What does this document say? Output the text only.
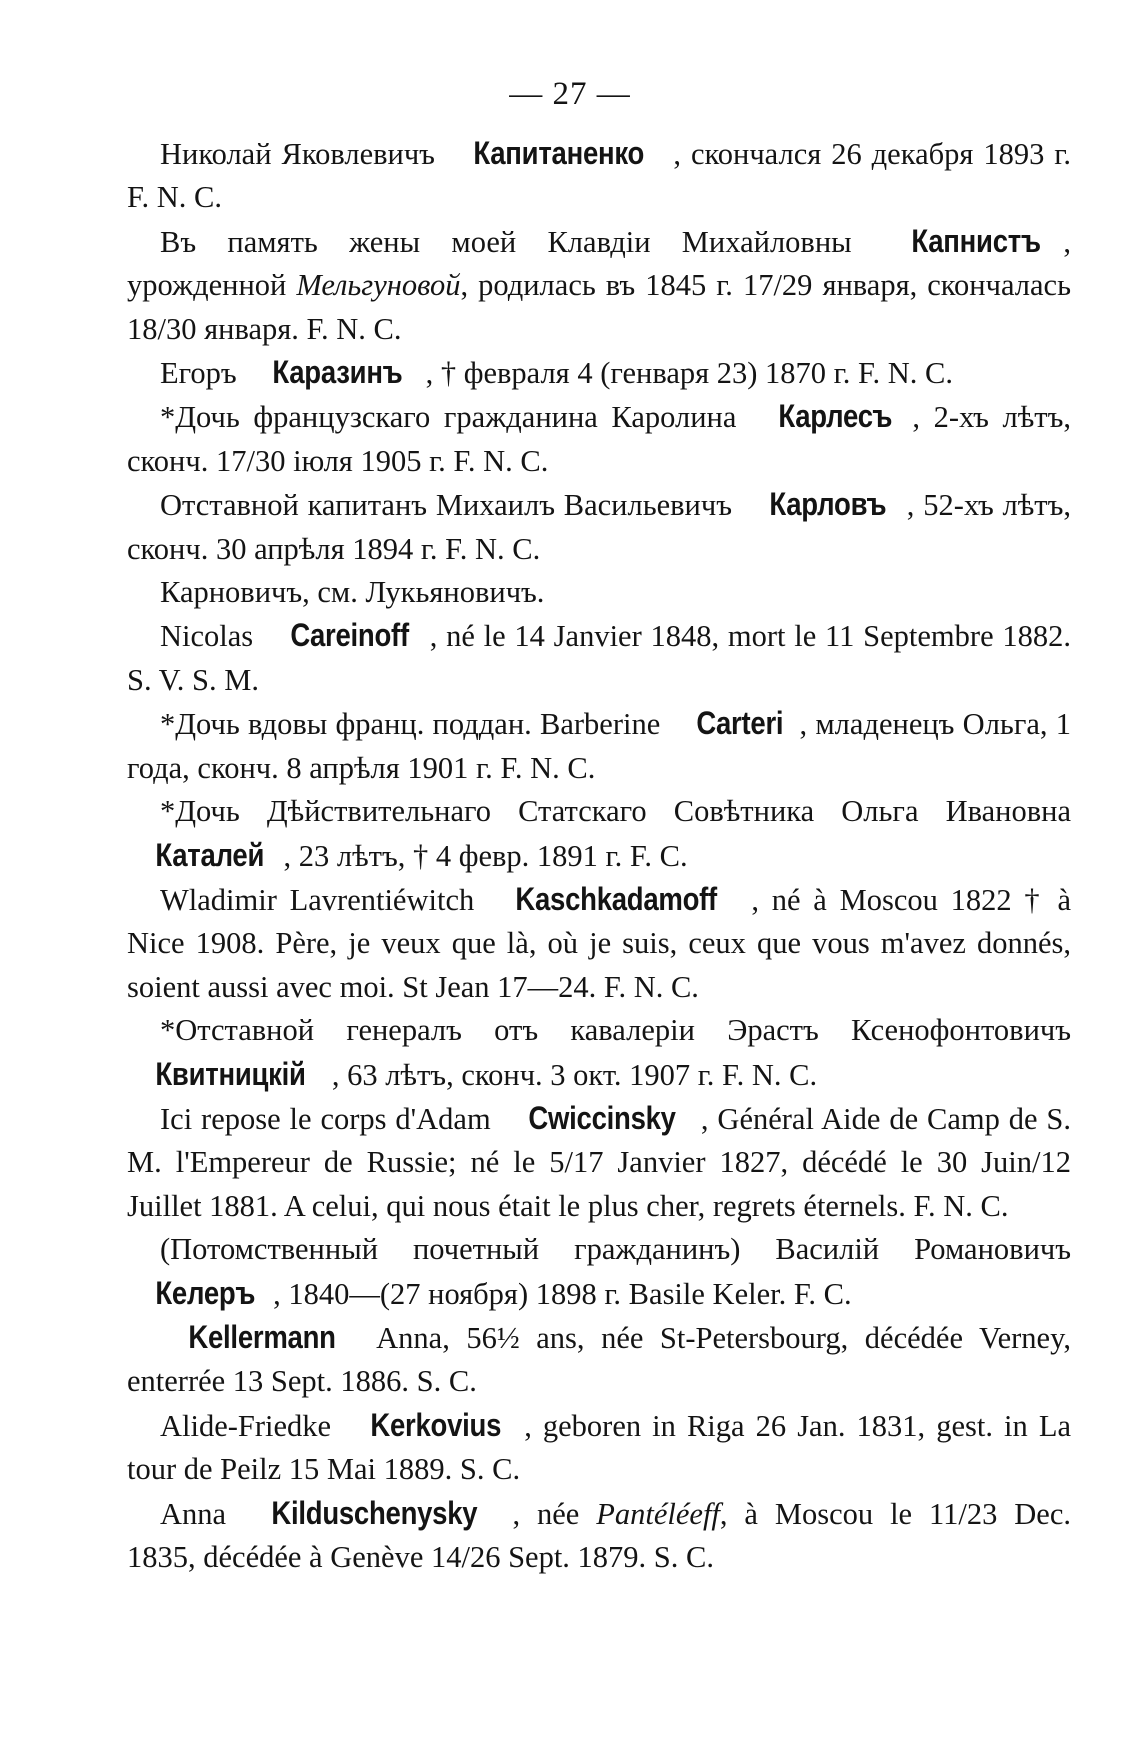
— 27 —

Николай Яковлевичъ Капитаненко , скончался 26 декабря 1893 г. F. N. C.

Въ память жены моей Клавдіи Михайловны Капнистъ , урожденной Мельгуновой, родилась въ 1845 г. 17/29 января, скончалась 18/30 января. F. N. C.

Егоръ Каразинъ , † февраля 4 (генваря 23) 1870 г. F. N. C.

*Дочь французскаго гражданина Каролина Карлесъ , 2-хъ лѣтъ, сконч. 17/30 іюля 1905 г. F. N. C.

Отставной капитанъ Михаилъ Васильевичъ Карловъ , 52-хъ лѣтъ, сконч. 30 апрѣля 1894 г. F. N. C.

Карновичъ, см. Лукьяновичъ.

Nicolas Careinoff , né le 14 Janvier 1848, mort le 11 Septembre 1882. S. V. S. M.

*Дочь вдовы франц. поддан. Barberine Carteri , младенецъ Ольга, 1 года, сконч. 8 апрѣля 1901 г. F. N. C.

*Дочь Дѣйствительнаго Статскаго Совѣтника Ольга Ивановна Каталей , 23 лѣтъ, † 4 февр. 1891 г. F. C.

Wladimir Lavrentiéwitch Kaschkadamoff , né à Moscou 1822 † à Nice 1908. Père, je veux que là, où je suis, ceux que vous m'avez donnés, soient aussi avec moi. St Jean 17—24. F. N. C.

*Отставной генералъ отъ кавалеріи Эрастъ Ксенофонтовичъ Квитницкій , 63 лѣтъ, сконч. 3 окт. 1907 г. F. N. C.

Ici repose le corps d'Adam Cwiccinsky , Général Aide de Camp de S. M. l'Empereur de Russie; né le 5/17 Janvier 1827, décédé le 30 Juin/12 Juillet 1881. A celui, qui nous était le plus cher, regrets éternels. F. N. C.

(Потомственный почетный гражданинъ) Василій Романовичъ Келеръ , 1840—(27 ноября) 1898 г. Basile Keler. F. C.

Kellermann Anna, 56½ ans, née St-Petersbourg, décédée Verney, enterrée 13 Sept. 1886. S. C.

Alide-Friedke Kerkovius , geboren in Riga 26 Jan. 1831, gest. in La tour de Peilz 15 Mai 1889. S. C.

Anna Kilduschenysky , née Pantéléeff, à Moscou le 11/23 Dec. 1835, décédée à Genève 14/26 Sept. 1879. S. C.
